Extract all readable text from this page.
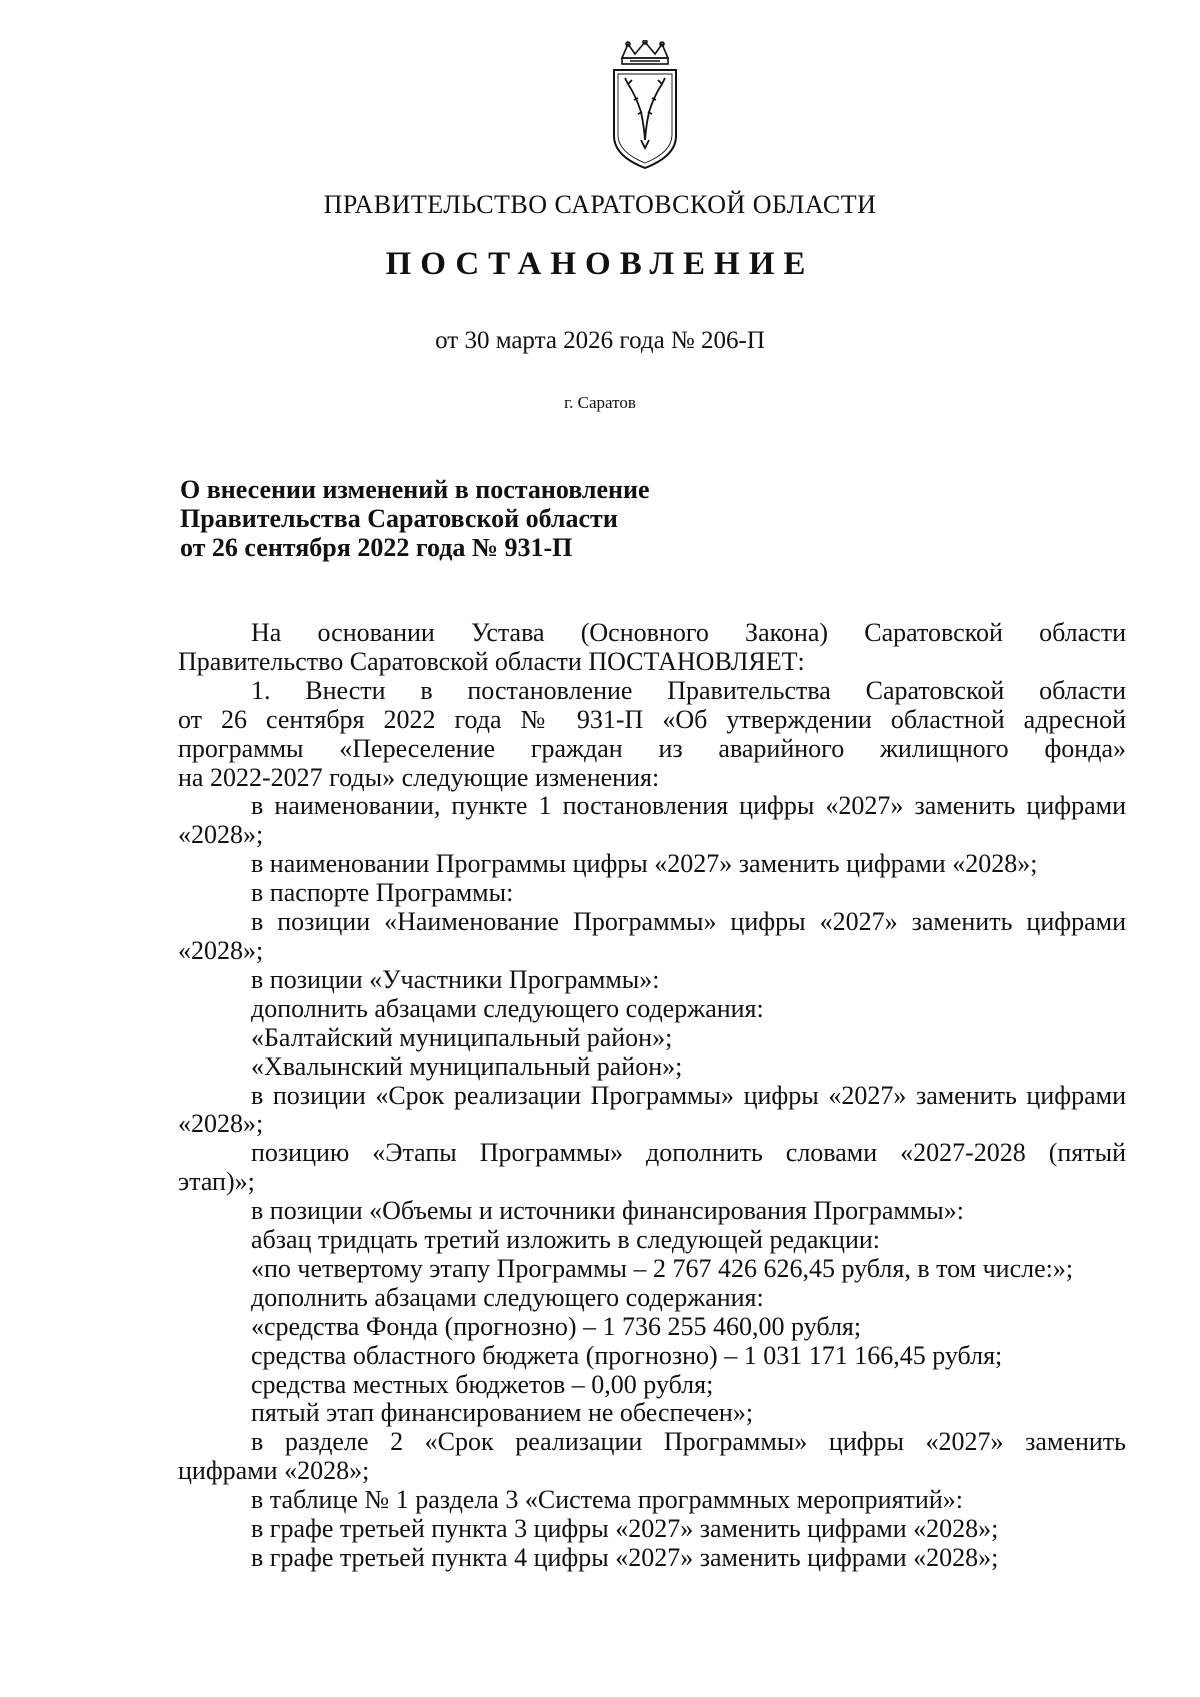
ПРАВИТЕЛЬСТВО САРАТОВСКОЙ ОБЛАСТИ
ПОСТАНОВЛЕНИЕ
от 30 марта 2026 года № 206-П
г. Саратов
О внесении изменений в постановление
Правительства Саратовской области
от 26 сентября 2022 года № 931-П

На основании Устава (Основного Закона) Саратовской области

Правительство Саратовской области ПОСТАНОВЛЯЕТ:

1. Внести в постановление Правительства Саратовской области

от 26 сентября 2022 года № 931-П «Об утверждении областной адресной

программы «Переселение граждан из аварийного жилищного фонда»

на 2022-2027 годы» следующие изменения:

в наименовании, пункте 1 постановления цифры «2027» заменить цифрами

«2028»;

в наименовании Программы цифры «2027» заменить цифрами «2028»;

в паспорте Программы:

в позиции «Наименование Программы» цифры «2027» заменить цифрами

«2028»;

в позиции «Участники Программы»:

дополнить абзацами следующего содержания:

«Балтайский муниципальный район»;

«Хвалынский муниципальный район»;

в позиции «Срок реализации Программы» цифры «2027» заменить цифрами

«2028»;

позицию «Этапы Программы» дополнить словами «2027-2028 (пятый

этап)»;

в позиции «Объемы и источники финансирования Программы»:

абзац тридцать третий изложить в следующей редакции:

«по четвертому этапу Программы – 2 767 426 626,45 рубля, в том числе:»;

дополнить абзацами следующего содержания:

«средства Фонда (прогнозно) – 1 736 255 460,00 рубля;

средства областного бюджета (прогнозно) – 1 031 171 166,45 рубля;

средства местных бюджетов – 0,00 рубля;

пятый этап финансированием не обеспечен»;

в разделе 2 «Срок реализации Программы» цифры «2027» заменить

цифрами «2028»;

в таблице № 1 раздела 3 «Система программных мероприятий»:

в графе третьей пункта 3 цифры «2027» заменить цифрами «2028»;

в графе третьей пункта 4 цифры «2027» заменить цифрами «2028»;
